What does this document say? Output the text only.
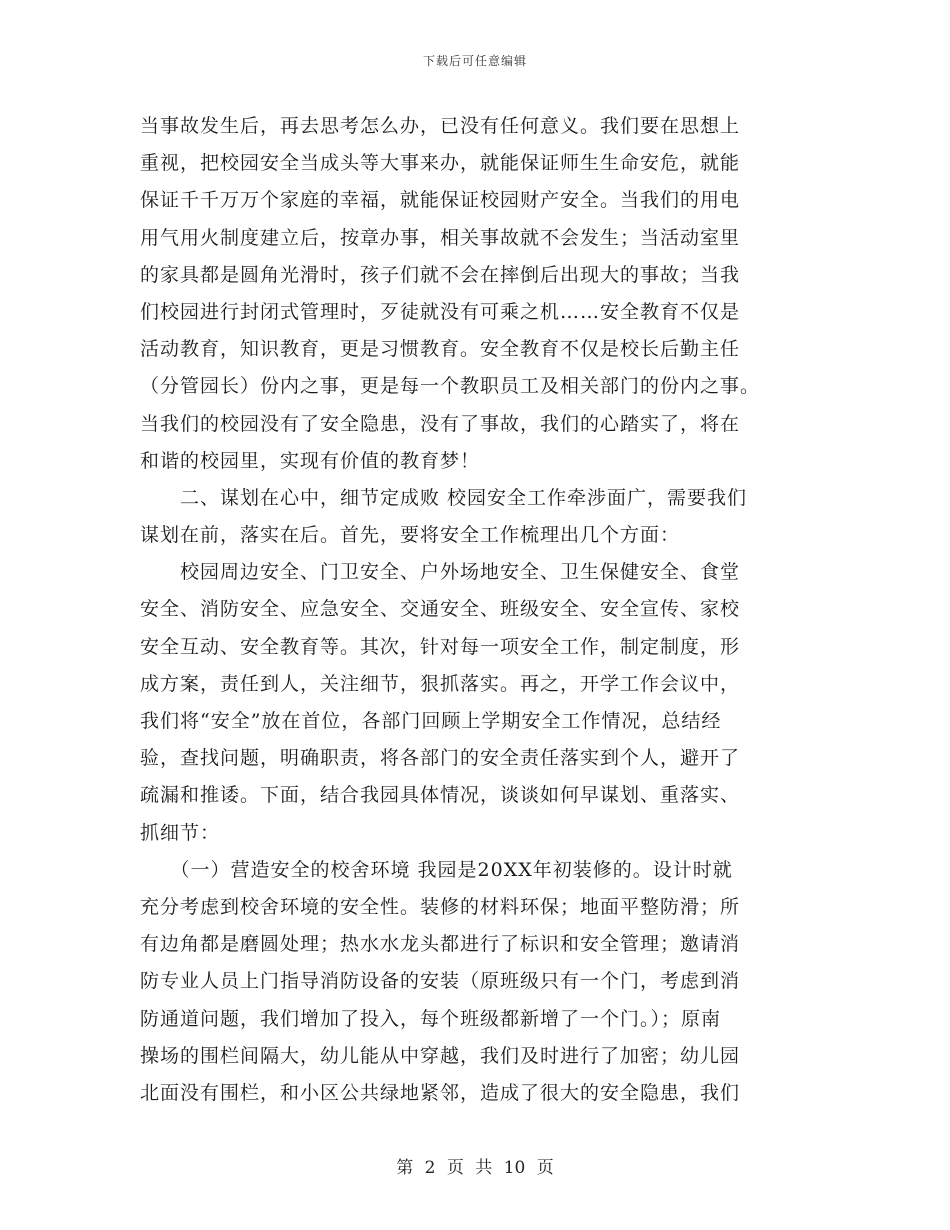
下载后可任意编辑
当事故发生后，再去思考怎么办，已没有任何意义。我们要在思想上
重视，把校园安全当成头等大事来办，就能保证师生生命安危，就能
保证千千万万个家庭的幸福，就能保证校园财产安全。当我们的用电
用气用火制度建立后，按章办事，相关事故就不会发生；当活动室里
的家具都是圆角光滑时，孩子们就不会在摔倒后出现大的事故；当我
们校园进行封闭式管理时，歹徒就没有可乘之机……安全教育不仅是
活动教育，知识教育，更是习惯教育。安全教育不仅是校长后勤主任
（分管园长）份内之事，更是每一个教职员工及相关部门的份内之事。
当我们的校园没有了安全隐患，没有了事故，我们的心踏实了，将在
和谐的校园里，实现有价值的教育梦！
　　二、谋划在心中，细节定成败 校园安全工作牵涉面广，需要我们
谋划在前，落实在后。首先，要将安全工作梳理出几个方面：
　　校园周边安全、门卫安全、户外场地安全、卫生保健安全、食堂
安全、消防安全、应急安全、交通安全、班级安全、安全宣传、家校
安全互动、安全教育等。其次，针对每一项安全工作，制定制度，形
成方案，责任到人，关注细节，狠抓落实。再之，开学工作会议中，
我们将“安全”放在首位，各部门回顾上学期安全工作情况，总结经
验，查找问题，明确职责，将各部门的安全责任落实到个人，避开了
疏漏和推诿。下面，结合我园具体情况，谈谈如何早谋划、重落实、
抓细节：
　　（一）营造安全的校舍环境 我园是20XX年初装修的。设计时就
充分考虑到校舍环境的安全性。装修的材料环保；地面平整防滑；所
有边角都是磨圆处理；热水水龙头都进行了标识和安全管理；邀请消
防专业人员上门指导消防设备的安装（原班级只有一个门，考虑到消
防通道问题，我们增加了投入，每个班级都新增了一个门。）；原南
操场的围栏间隔大，幼儿能从中穿越，我们及时进行了加密；幼儿园
北面没有围栏，和小区公共绿地紧邻，造成了很大的安全隐患，我们
第 2 页 共 10 页
